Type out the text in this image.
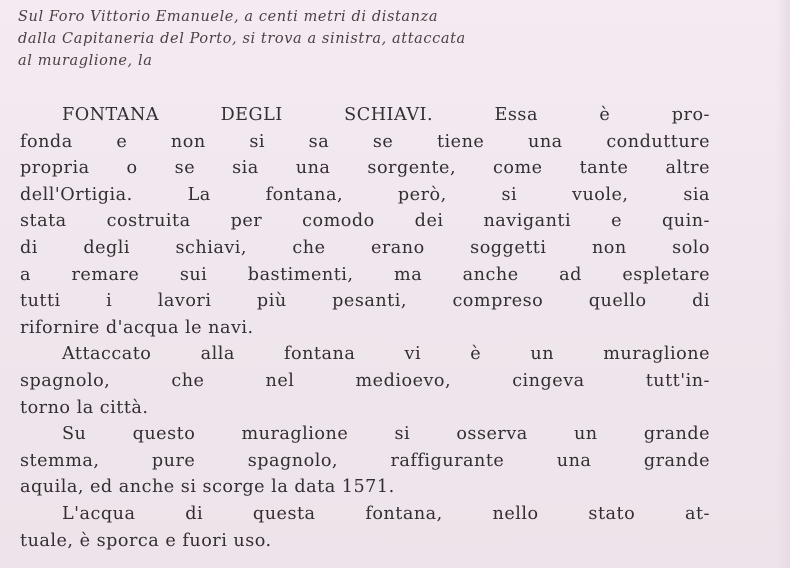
Sul Foro Vittorio Emanuele, a centi metri di distanza
dalla Capitaneria del Porto, si trova a sinistra, attaccata
al muraglione, la
FONTANA DEGLI SCHIAVI. Essa è pro-
fonda e non si sa se tiene una condutture
propria o se sia una sorgente, come tante altre
dell'Ortigia. La fontana, però, si vuole, sia
stata costruita per comodo dei naviganti e quin-
di degli schiavi, che erano soggetti non solo
a remare sui bastimenti, ma anche ad espletare
tutti i lavori più pesanti, compreso quello di
rifornire d'acqua le navi.
Attaccato alla fontana vi è un muraglione
spagnolo, che nel medioevo, cingeva tutt'in-
torno la città.
Su questo muraglione si osserva un grande
stemma, pure spagnolo, raffigurante una grande
aquila, ed anche si scorge la data 1571.
L'acqua di questa fontana, nello stato at-
tuale, è sporca e fuori uso.
